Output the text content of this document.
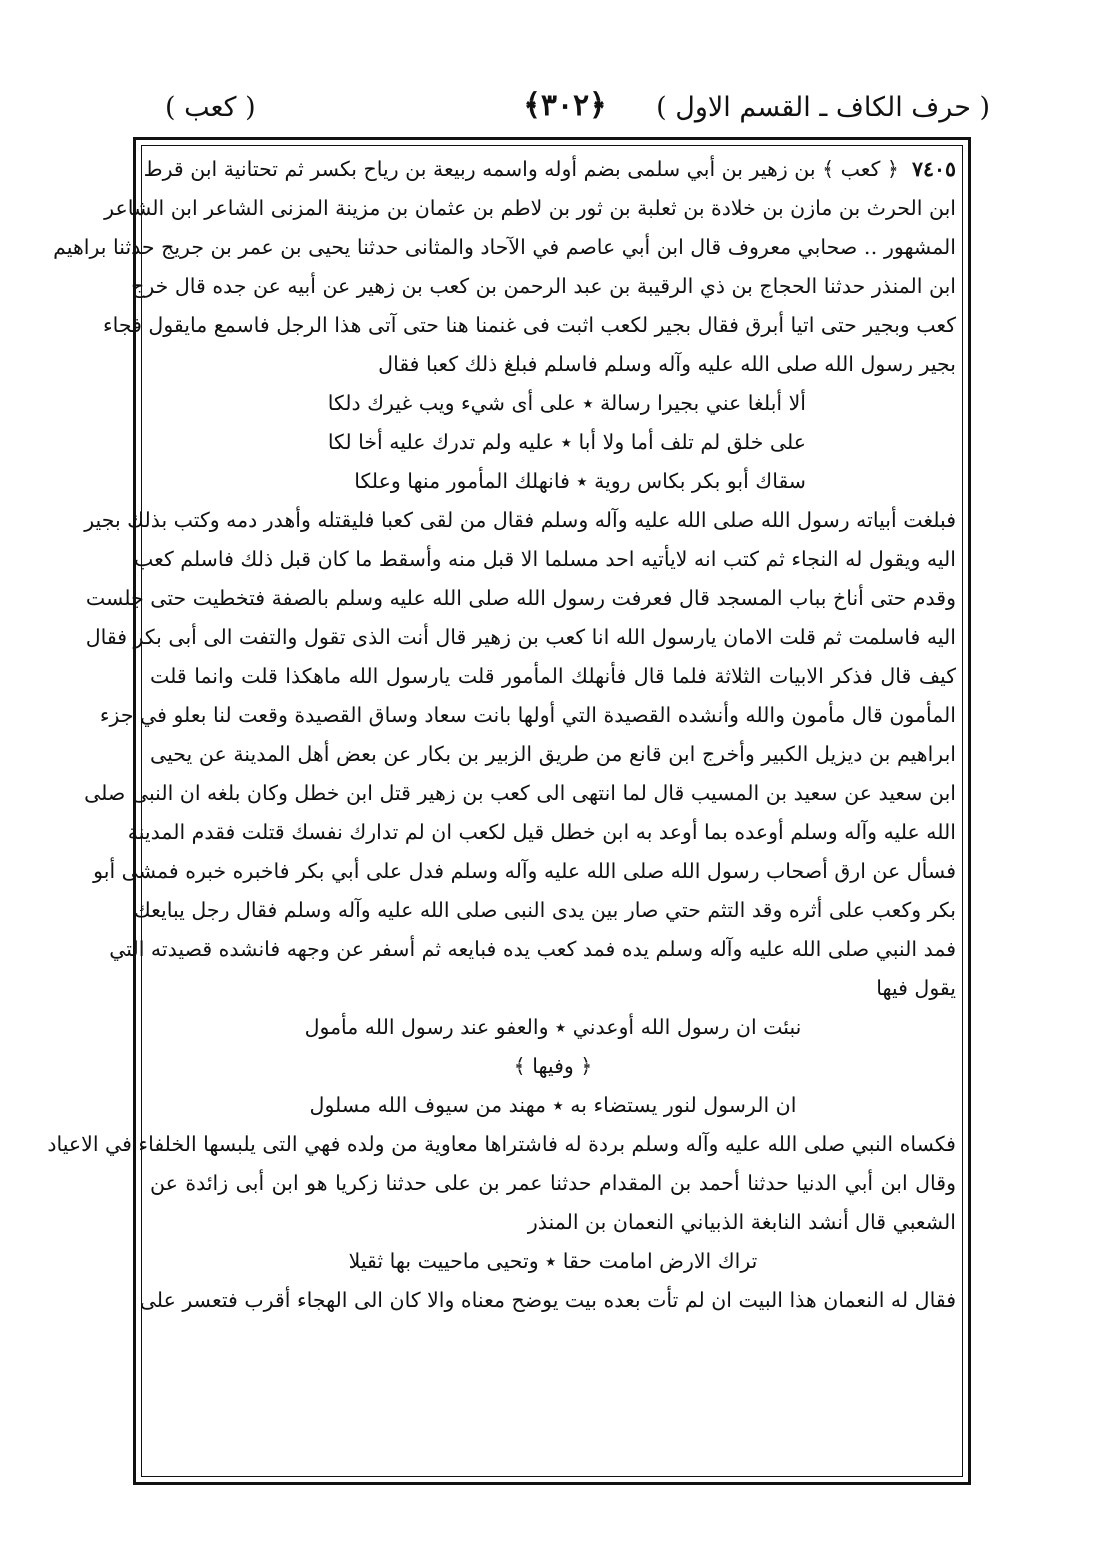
( حرف الكاف ـ القسم الاول )
﴿٣٠٢﴾
( كعب )
٧٤٠٥  ﴿ كعب ﴾ بن زهير بن أبي سلمى بضم أوله واسمه ربيعة بن رياح بكسر ثم تحتانية ابن قرط
ابن الحرث بن مازن بن خلادة بن ثعلبة بن ثور بن لاطم بن عثمان بن مزينة المزنى الشاعر ابن الشاعر
المشهور ‥ صحابي معروف قال ابن أبي عاصم في الآحاد والمثانى حدثنا يحيى بن عمر بن جريج حدثنا براهيم
ابن المنذر حدثنا الحجاج بن ذي الرقيبة بن عبد الرحمن بن كعب بن زهير عن أبيه عن جده قال خرج
كعب وبجير حتى اتيا أبرق فقال بجير لكعب اثبت فى غنمنا هنا حتى آتى هذا الرجل فاسمع مايقول فجاء
بجير رسول الله صلى الله عليه وآله وسلم فاسلم فبلغ ذلك كعبا فقال
ألا أبلغا عني بجيرا رسالة ٭ على أى شيء ويب غيرك دلكا
على خلق لم تلف أما ولا أبا ٭ عليه ولم تدرك عليه أخا لكا
سقاك أبو بكر بكاس روية ٭ فانهلك المأمور منها وعلكا
فبلغت أبياته رسول الله صلى الله عليه وآله وسلم فقال من لقى كعبا فليقتله وأهدر دمه وكتب بذلك بجير
اليه ويقول له النجاء ثم كتب انه لايأتيه احد مسلما الا قبل منه وأسقط ما كان قبل ذلك فاسلم كعب
وقدم حتى أناخ بباب المسجد قال فعرفت رسول الله صلى الله عليه وسلم بالصفة فتخطيت حتى جلست
اليه فاسلمت ثم قلت الامان يارسول الله انا كعب بن زهير قال أنت الذى تقول والتفت الى أبى بكر فقال
كيف قال فذكر الابيات الثلاثة فلما قال فأنهلك المأمور قلت يارسول الله ماهكذا قلت وانما قلت
المأمون قال مأمون والله وأنشده القصيدة التي أولها بانت سعاد وساق القصيدة وقعت لنا بعلو في جزء
ابراهيم بن ديزيل الكبير وأخرج ابن قانع من طريق الزبير بن بكار عن بعض أهل المدينة عن يحيى
ابن سعيد عن سعيد بن المسيب قال لما انتهى الى كعب بن زهير قتل ابن خطل وكان بلغه ان النبى صلى
الله عليه وآله وسلم أوعده بما أوعد به ابن خطل قيل لكعب ان لم تدارك نفسك قتلت فقدم المدينة
فسأل عن ارق أصحاب رسول الله صلى الله عليه وآله وسلم فدل على أبي بكر فاخبره خبره فمشى أبو
بكر وكعب على أثره وقد التثم حتي صار بين يدى النبى صلى الله عليه وآله وسلم فقال رجل يبايعك
فمد النبي صلى الله عليه وآله وسلم يده فمد كعب يده فبايعه ثم أسفر عن وجهه فانشده قصيدته التي
يقول فيها
نبئت ان رسول الله أوعدني ٭ والعفو عند رسول الله مأمول
﴿ وفيها ﴾
ان الرسول لنور يستضاء به ٭ مهند من سيوف الله مسلول
فكساه النبي صلى الله عليه وآله وسلم بردة له فاشتراها معاوية من ولده فهي التى يلبسها الخلفاء في الاعياد
وقال ابن أبي الدنيا حدثنا أحمد بن المقدام حدثنا عمر بن على حدثنا زكريا هو ابن أبى زائدة عن
الشعبي قال أنشد النابغة الذبياني النعمان بن المنذر
تراك الارض امامت حقا ٭ وتحيى ماحييت بها ثقيلا
فقال له النعمان هذا البيت ان لم تأت بعده بيت يوضح معناه والا كان الى الهجاء أقرب فتعسر على
